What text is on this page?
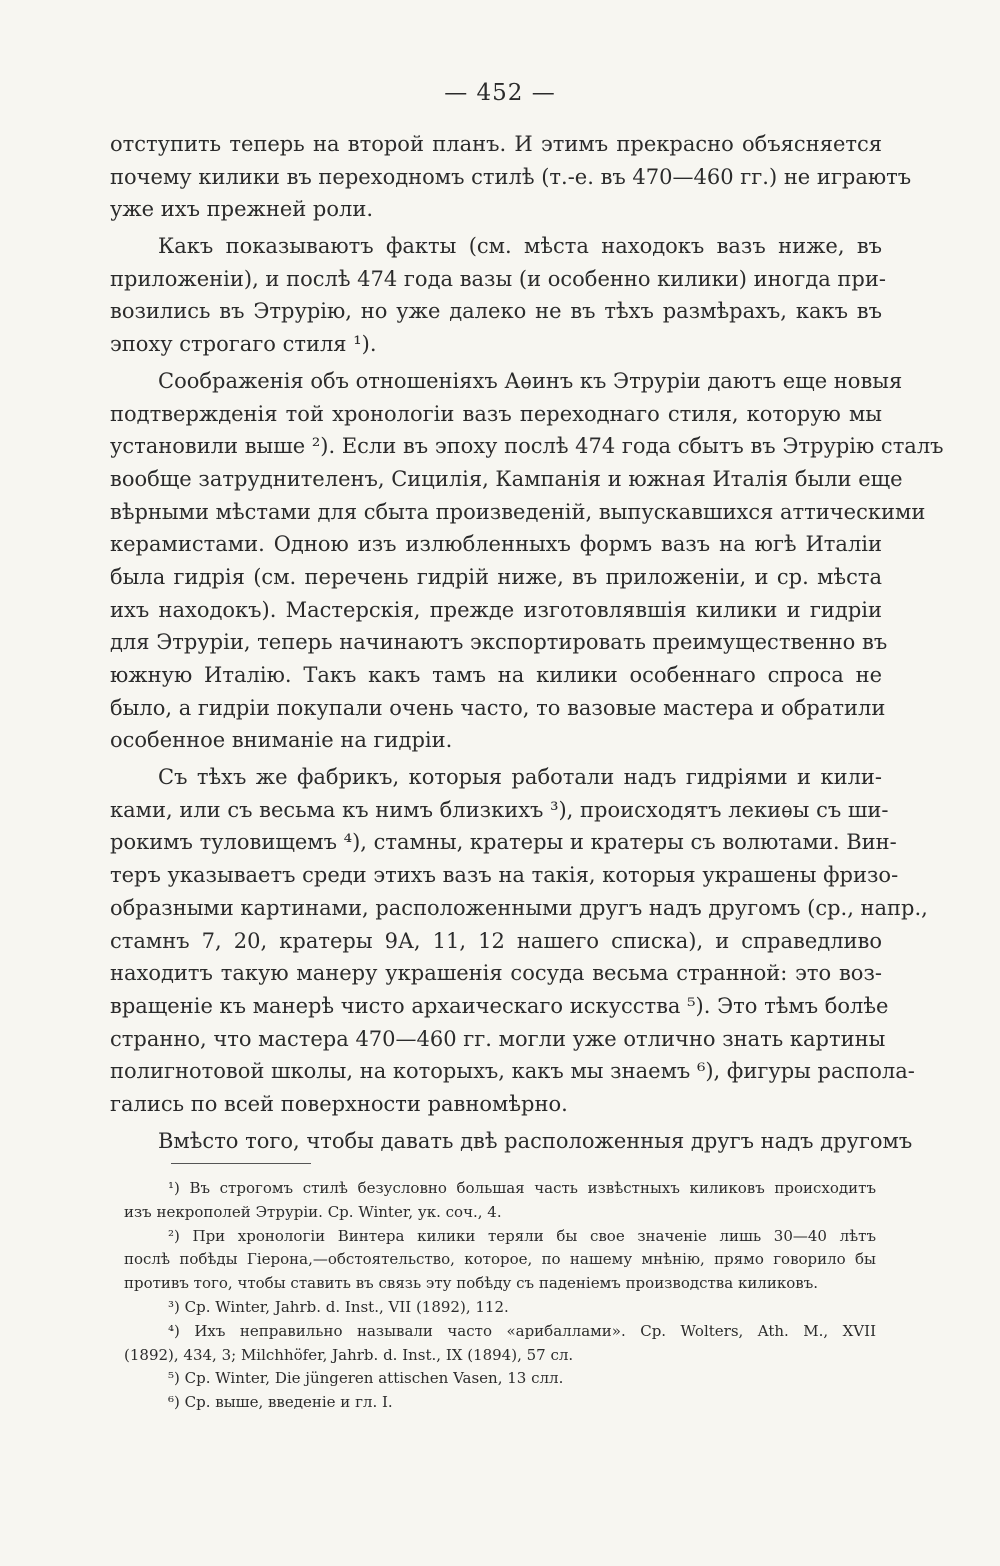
— 452 —
отступить теперь на второй планъ. И этимъ прекрасно объясняется
почему килики въ переходномъ стилѣ (т.-е. въ 470—460 гг.) не играютъ
уже ихъ прежней роли.
Какъ показываютъ факты (см. мѣста находокъ вазъ ниже, въ
приложеніи), и послѣ 474 года вазы (и особенно килики) иногда при-
возились въ Этрурію, но уже далеко не въ тѣхъ размѣрахъ, какъ въ
эпоху строгаго стиля ¹).
Соображенія объ отношеніяхъ Аѳинъ къ Этруріи даютъ еще новыя
подтвержденія той хронологіи вазъ переходнаго стиля, которую мы
установили выше ²). Если въ эпоху послѣ 474 года сбытъ въ Этрурію сталъ
вообще затруднителенъ, Сицилія, Кампанія и южная Италія были еще
вѣрными мѣстами для сбыта произведеній, выпускавшихся аттическими
керамистами. Одною изъ излюбленныхъ формъ вазъ на югѣ Италіи
была гидрія (см. перечень гидрій ниже, въ приложеніи, и ср. мѣста
ихъ находокъ). Мастерскія, прежде изготовлявшія килики и гидріи
для Этруріи, теперь начинаютъ экспортировать преимущественно въ
южную Италію. Такъ какъ тамъ на килики особеннаго спроса не
было, а гидріи покупали очень часто, то вазовые мастера и обратили
особенное вниманіе на гидріи.
Съ тѣхъ же фабрикъ, которыя работали надъ гидріями и кили-
ками, или съ весьма къ нимъ близкихъ ³), происходятъ лекиѳы съ ши-
рокимъ туловищемъ ⁴), стамны, кратеры и кратеры съ волютами. Вин-
теръ указываетъ среди этихъ вазъ на такія, которыя украшены фризо-
образными картинами, расположенными другъ надъ другомъ (ср., напр.,
стамнъ 7, 20, кратеры 9А, 11, 12 нашего списка), и справедливо
находитъ такую манеру украшенія сосуда весьма странной: это воз-
вращеніе къ манерѣ чисто архаическаго искусства ⁵). Это тѣмъ болѣе
странно, что мастера 470—460 гг. могли уже отлично знать картины
полигнотовой школы, на которыхъ, какъ мы знаемъ ⁶), фигуры распола-
гались по всей поверхности равномѣрно.
Вмѣсто того, чтобы давать двѣ расположенныя другъ надъ другомъ
¹) Въ строгомъ стилѣ безусловно большая часть извѣстныхъ киликовъ происходитъ
изъ некрополей Этруріи. Ср. Winter, ук. соч., 4.
²) При хронологіи Винтера килики теряли бы свое значеніе лишь 30—40 лѣтъ
послѣ побѣды Гіерона,—обстоятельство, которое, по нашему мнѣнію, прямо говорило бы
противъ того, чтобы ставить въ связь эту побѣду съ паденіемъ производства киликовъ.
³) Ср. Winter, Jahrb. d. Inst., VII (1892), 112.
⁴) Ихъ неправильно называли часто «арибаллами». Ср. Wolters, Ath. M., XVII
(1892), 434, 3; Milchhöfer, Jahrb. d. Inst., IX (1894), 57 сл.
⁵) Ср. Winter, Die jüngeren attischen Vasen, 13 слл.
⁶) Ср. выше, введеніе и гл. I.
